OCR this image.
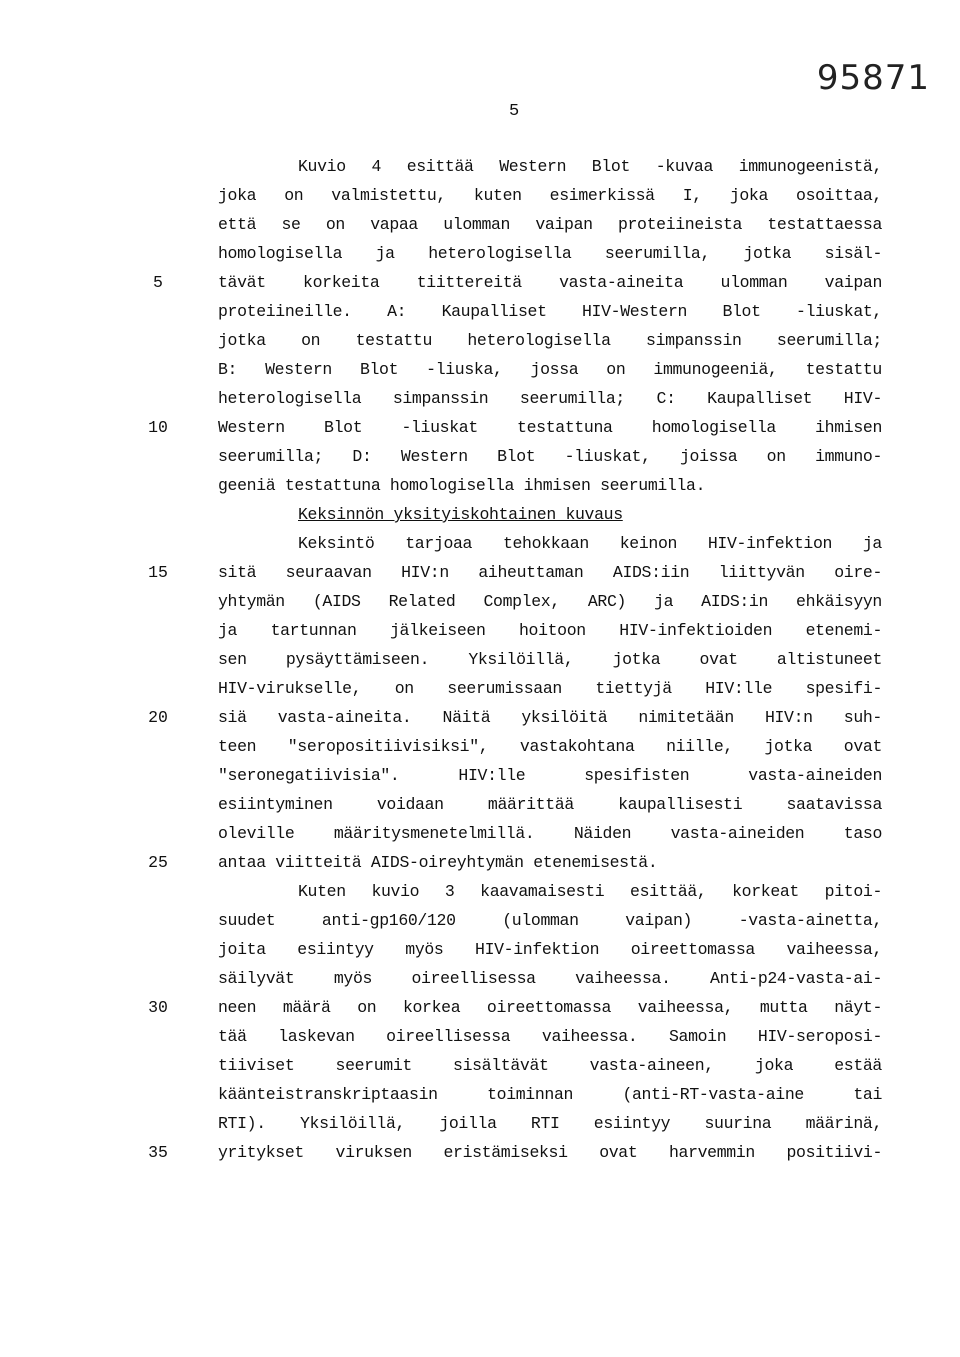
95871
5
Kuvio 4 esittää Western Blot -kuvaa immunogeenistä,
joka on valmistettu, kuten esimerkissä I, joka osoittaa,
että se on vapaa ulomman vaipan proteiineista testattaessa
homologisella ja heterologisella seerumilla, jotka sisäl-
5	tävät korkeita tiittereitä vasta-aineita ulomman vaipan
proteiineille. A: Kaupalliset HIV-Western Blot -liuskat,
jotka on testattu heterologisella simpanssin seerumilla;
B: Western Blot -liuska, jossa on immunogeeniä, testattu
heterologisella simpanssin seerumilla; C: Kaupalliset HIV-
10	Western Blot -liuskat testattuna homologisella ihmisen
seerumilla; D: Western Blot -liuskat, joissa on immuno-
geeniä testattuna homologisella ihmisen seerumilla.
Keksinnön yksityiskohtainen kuvaus
Keksintö tarjoaa tehokkaan keinon HIV-infektion ja
15	sitä seuraavan HIV:n aiheuttaman AIDS:iin liittyvän oire-
yhtymän (AIDS Related Complex, ARC) ja AIDS:in ehkäisyyn
ja tartunnan jälkeiseen hoitoon HIV-infektioiden etenemi-
sen pysäyttämiseen. Yksilöillä, jotka ovat altistuneet
HIV-virukselle, on seerumissaan tiettyjä HIV:lle spesifi-
20	siä vasta-aineita. Näitä yksilöitä nimitetään HIV:n suh-
teen "seropositiivisiksi", vastakohtana niille, jotka ovat
"seronegatiivisia". HIV:lle spesifisten vasta-aineiden
esiintyminen voidaan määrittää kaupallisesti saatavissa
oleville määritysmenetelmillä. Näiden vasta-aineiden taso
25	antaa viitteitä AIDS-oireyhtymän etenemisestä.
Kuten kuvio 3 kaavamaisesti esittää, korkeat pitoi-
suudet anti-gp160/120 (ulomman vaipan) -vasta-ainetta,
joita esiintyy myös HIV-infektion oireettomassa vaiheessa,
säilyvät myös oireellisessa vaiheessa. Anti-p24-vasta-ai-
30	neen määrä on korkea oireettomassa vaiheessa, mutta näyt-
tää laskevan oireellisessa vaiheessa. Samoin HIV-seroposi-
tiiviset seerumit sisältävät vasta-aineen, joka estää
käänteistranskriptaasin toiminnan (anti-RT-vasta-aine tai
RTI). Yksilöillä, joilla RTI esiintyy suurina määrinä,
35	yritykset viruksen eristämiseksi ovat harvemmin positiivi-
